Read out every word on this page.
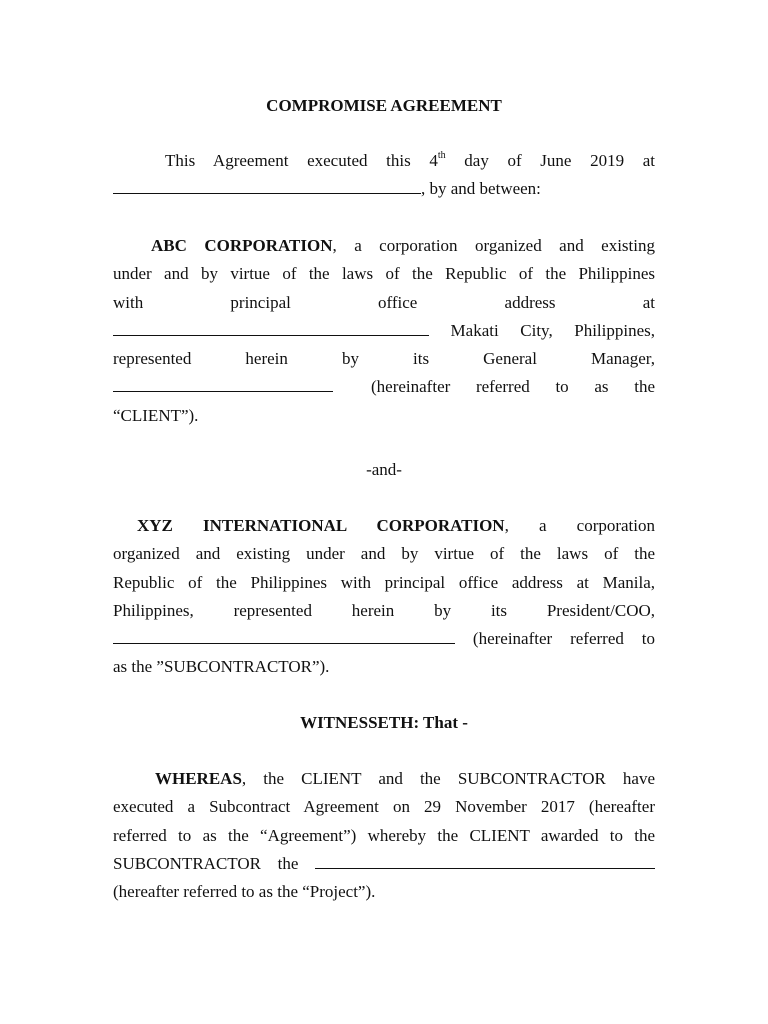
COMPROMISE AGREEMENT
This Agreement executed this 4th day of June 2019 at
, by and between:
ABC CORPORATION, a corporation organized and existing
under and by virtue of the laws of the Republic of the Philippines
with principal office address at
Makati City, Philippines,
represented herein by its General Manager,
(hereinafter referred to as the
“CLIENT”).
-and-
XYZ INTERNATIONAL CORPORATION, a corporation
organized and existing under and by virtue of the laws of the
Republic of the Philippines with principal office address at Manila,
Philippines, represented herein by its President/COO,
(hereinafter referred to
as the ”SUBCONTRACTOR”).
WITNESSETH: That -
WHEREAS, the CLIENT and the SUBCONTRACTOR have
executed a Subcontract Agreement on 29 November 2017 (hereafter
referred to as the “Agreement”) whereby the CLIENT awarded to the
SUBCONTRACTOR the
(hereafter referred to as the “Project”).
